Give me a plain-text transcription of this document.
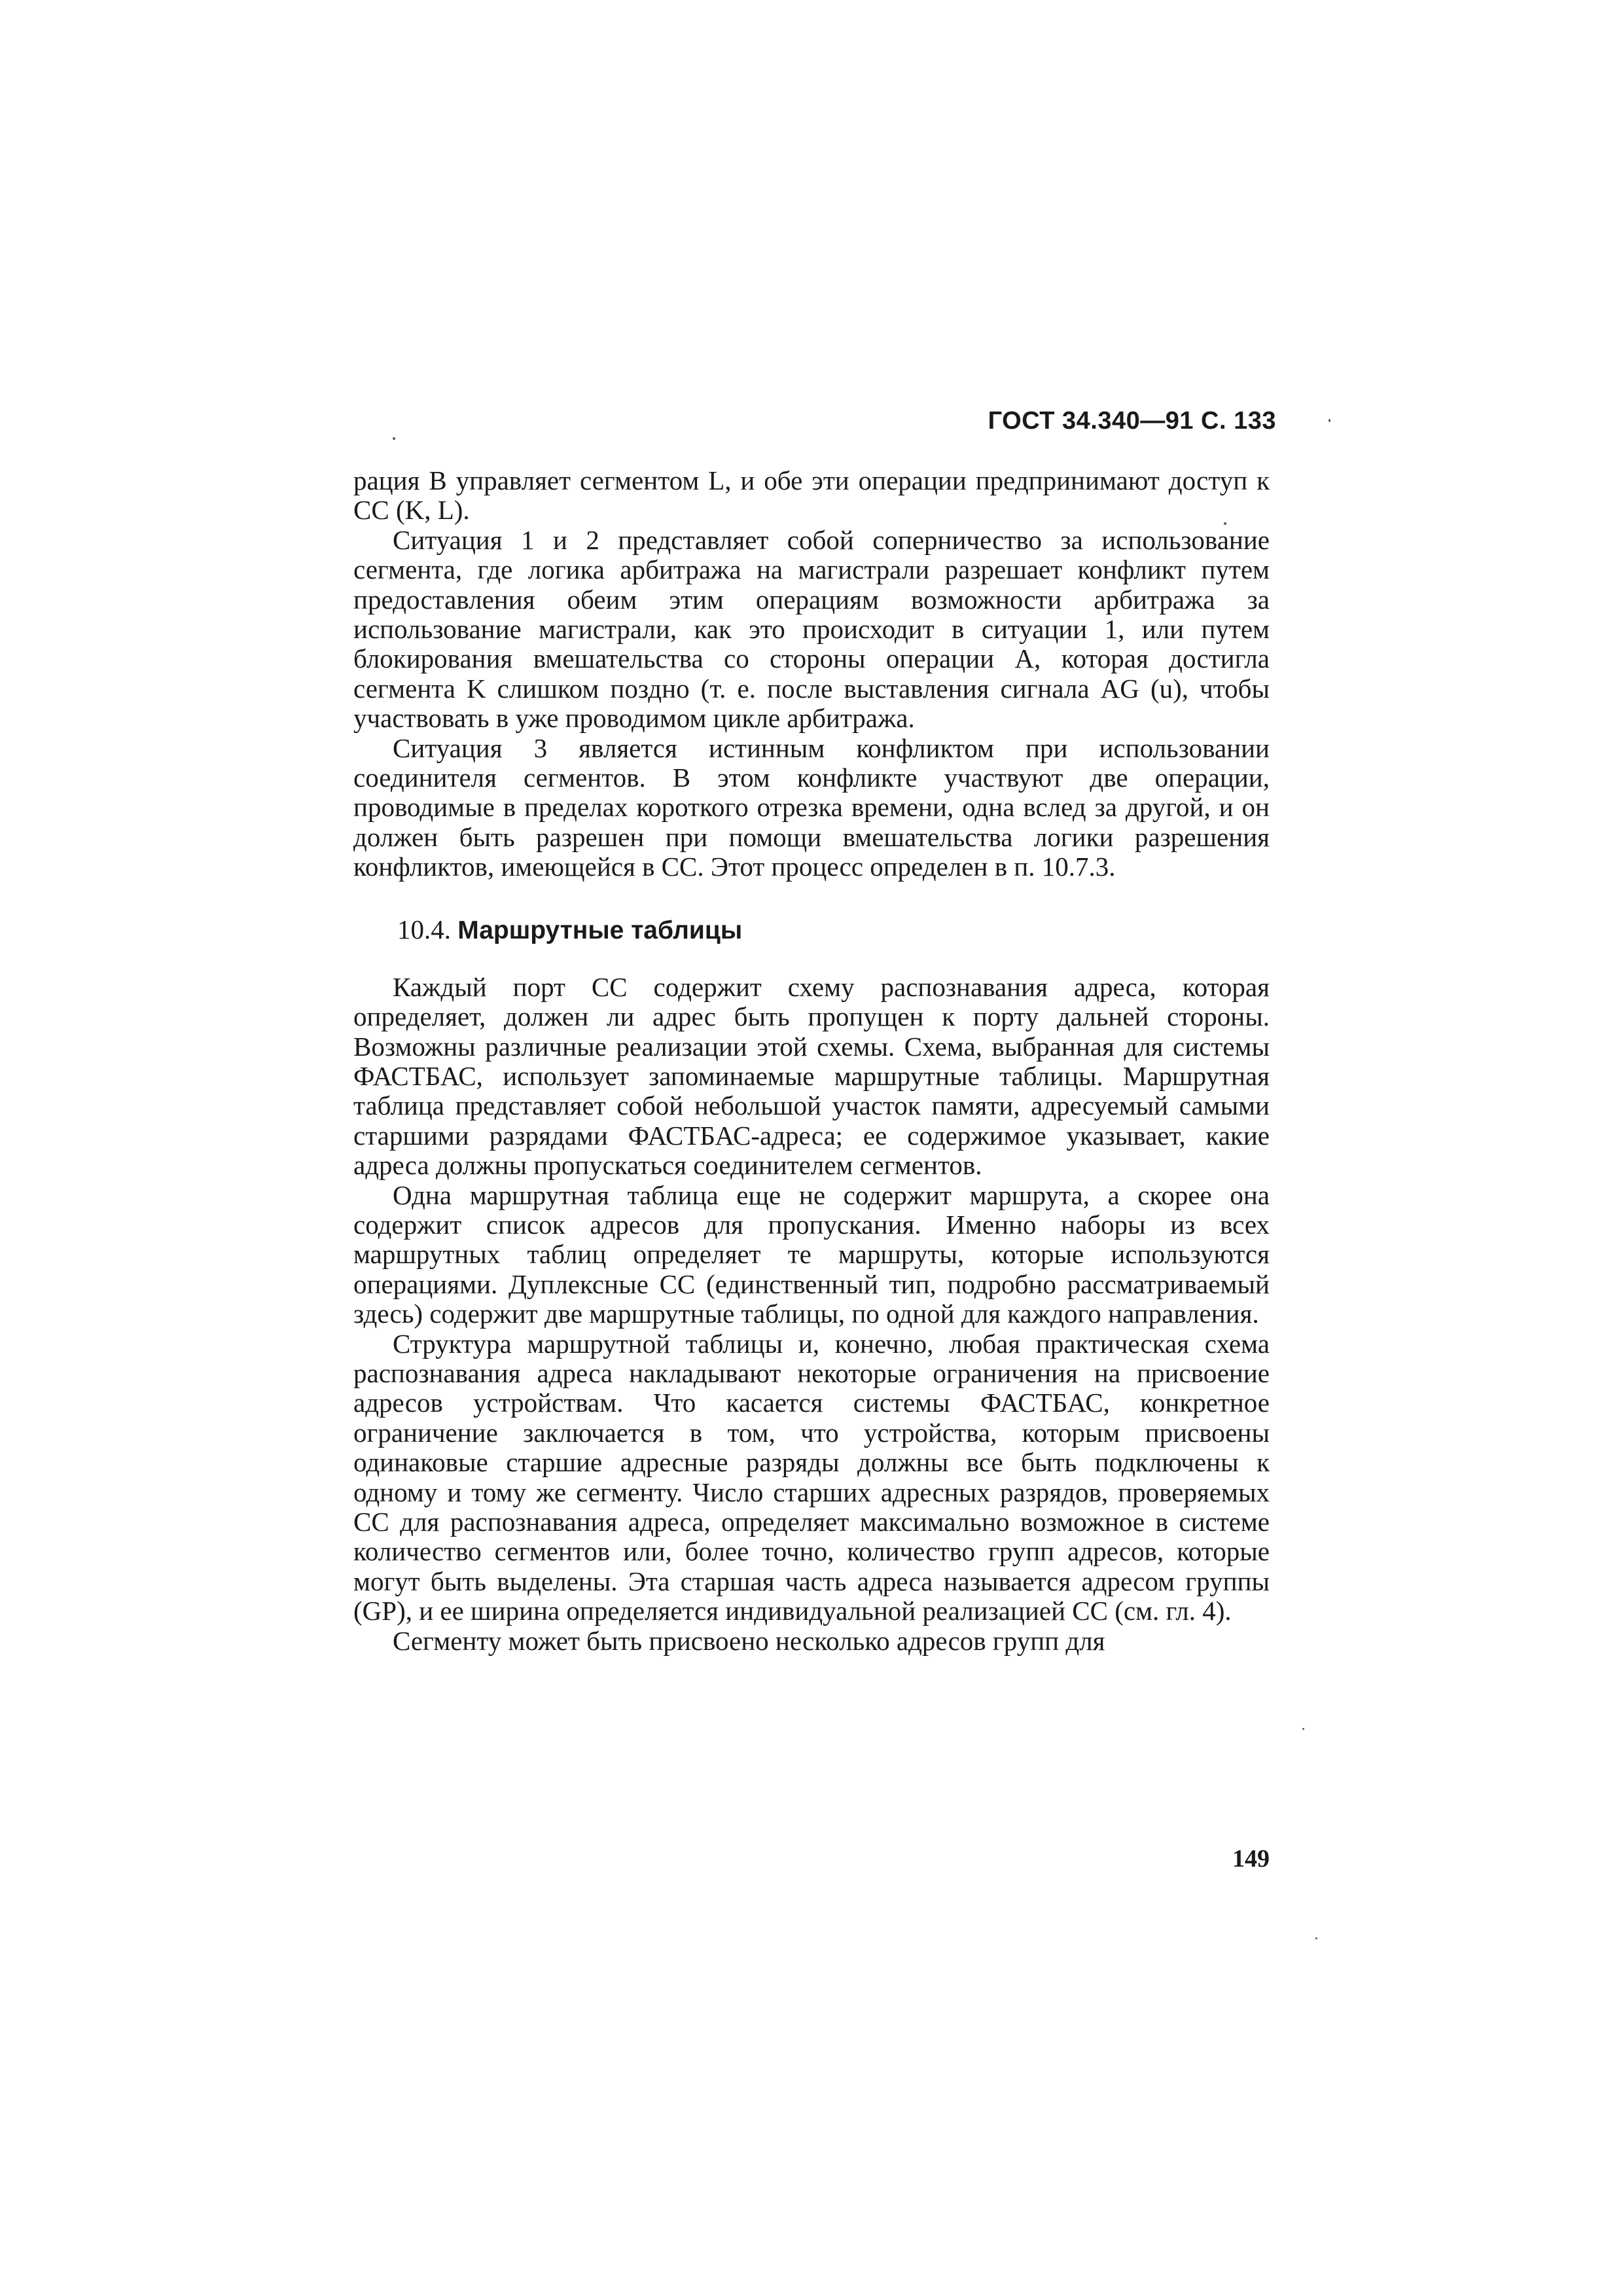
ГОСТ 34.340—91 С. 133

рация B управляет сегментом L, и обе эти операции предпринимают доступ к СС (K, L).

Ситуация 1 и 2 представляет собой соперничество за использование сегмента, где логика арбитража на магистрали разрешает конфликт путем предоставления обеим этим операциям возможности арбитража за использование магистрали, как это происходит в ситуации 1, или путем блокирования вмешательства со стороны операции A, которая достигла сегмента K слишком поздно (т. е. после выставления сигнала AG (u), чтобы участвовать в уже проводимом цикле арбитража.

Ситуация 3 является истинным конфликтом при использовании соединителя сегментов. В этом конфликте участвуют две операции, проводимые в пределах короткого отрезка времени, одна вслед за другой, и он должен быть разрешен при помощи вмешательства логики разрешения конфликтов, имеющейся в СС. Этот процесс определен в п. 10.7.3.

10.4. Маршрутные таблицы

Каждый порт СС содержит схему распознавания адреса, которая определяет, должен ли адрес быть пропущен к порту дальней стороны. Возможны различные реализации этой схемы. Схема, выбранная для системы ФАСТБАС, использует запоминаемые маршрутные таблицы. Маршрутная таблица представляет собой небольшой участок памяти, адресуемый самыми старшими разрядами ФАСТБАС-адреса; ее содержимое указывает, какие адреса должны пропускаться соединителем сегментов.

Одна маршрутная таблица еще не содержит маршрута, а скорее она содержит список адресов для пропускания. Именно наборы из всех маршрутных таблиц определяет те маршруты, которые используются операциями. Дуплексные СС (единственный тип, подробно рассматриваемый здесь) содержит две маршрутные таблицы, по одной для каждого направления.

Структура маршрутной таблицы и, конечно, любая практическая схема распознавания адреса накладывают некоторые ограничения на присвоение адресов устройствам. Что касается системы ФАСТБАС, конкретное ограничение заключается в том, что устройства, которым присвоены одинаковые старшие адресные разряды должны все быть подключены к одному и тому же сегменту. Число старших адресных разрядов, проверяемых СС для распознавания адреса, определяет максимально возможное в системе количество сегментов или, более точно, количество групп адресов, которые могут быть выделены. Эта старшая часть адреса называется адресом группы (GP), и ее ширина определяется индивидуальной реализацией СС (см. гл. 4).

Сегменту может быть присвоено несколько адресов групп для

149
